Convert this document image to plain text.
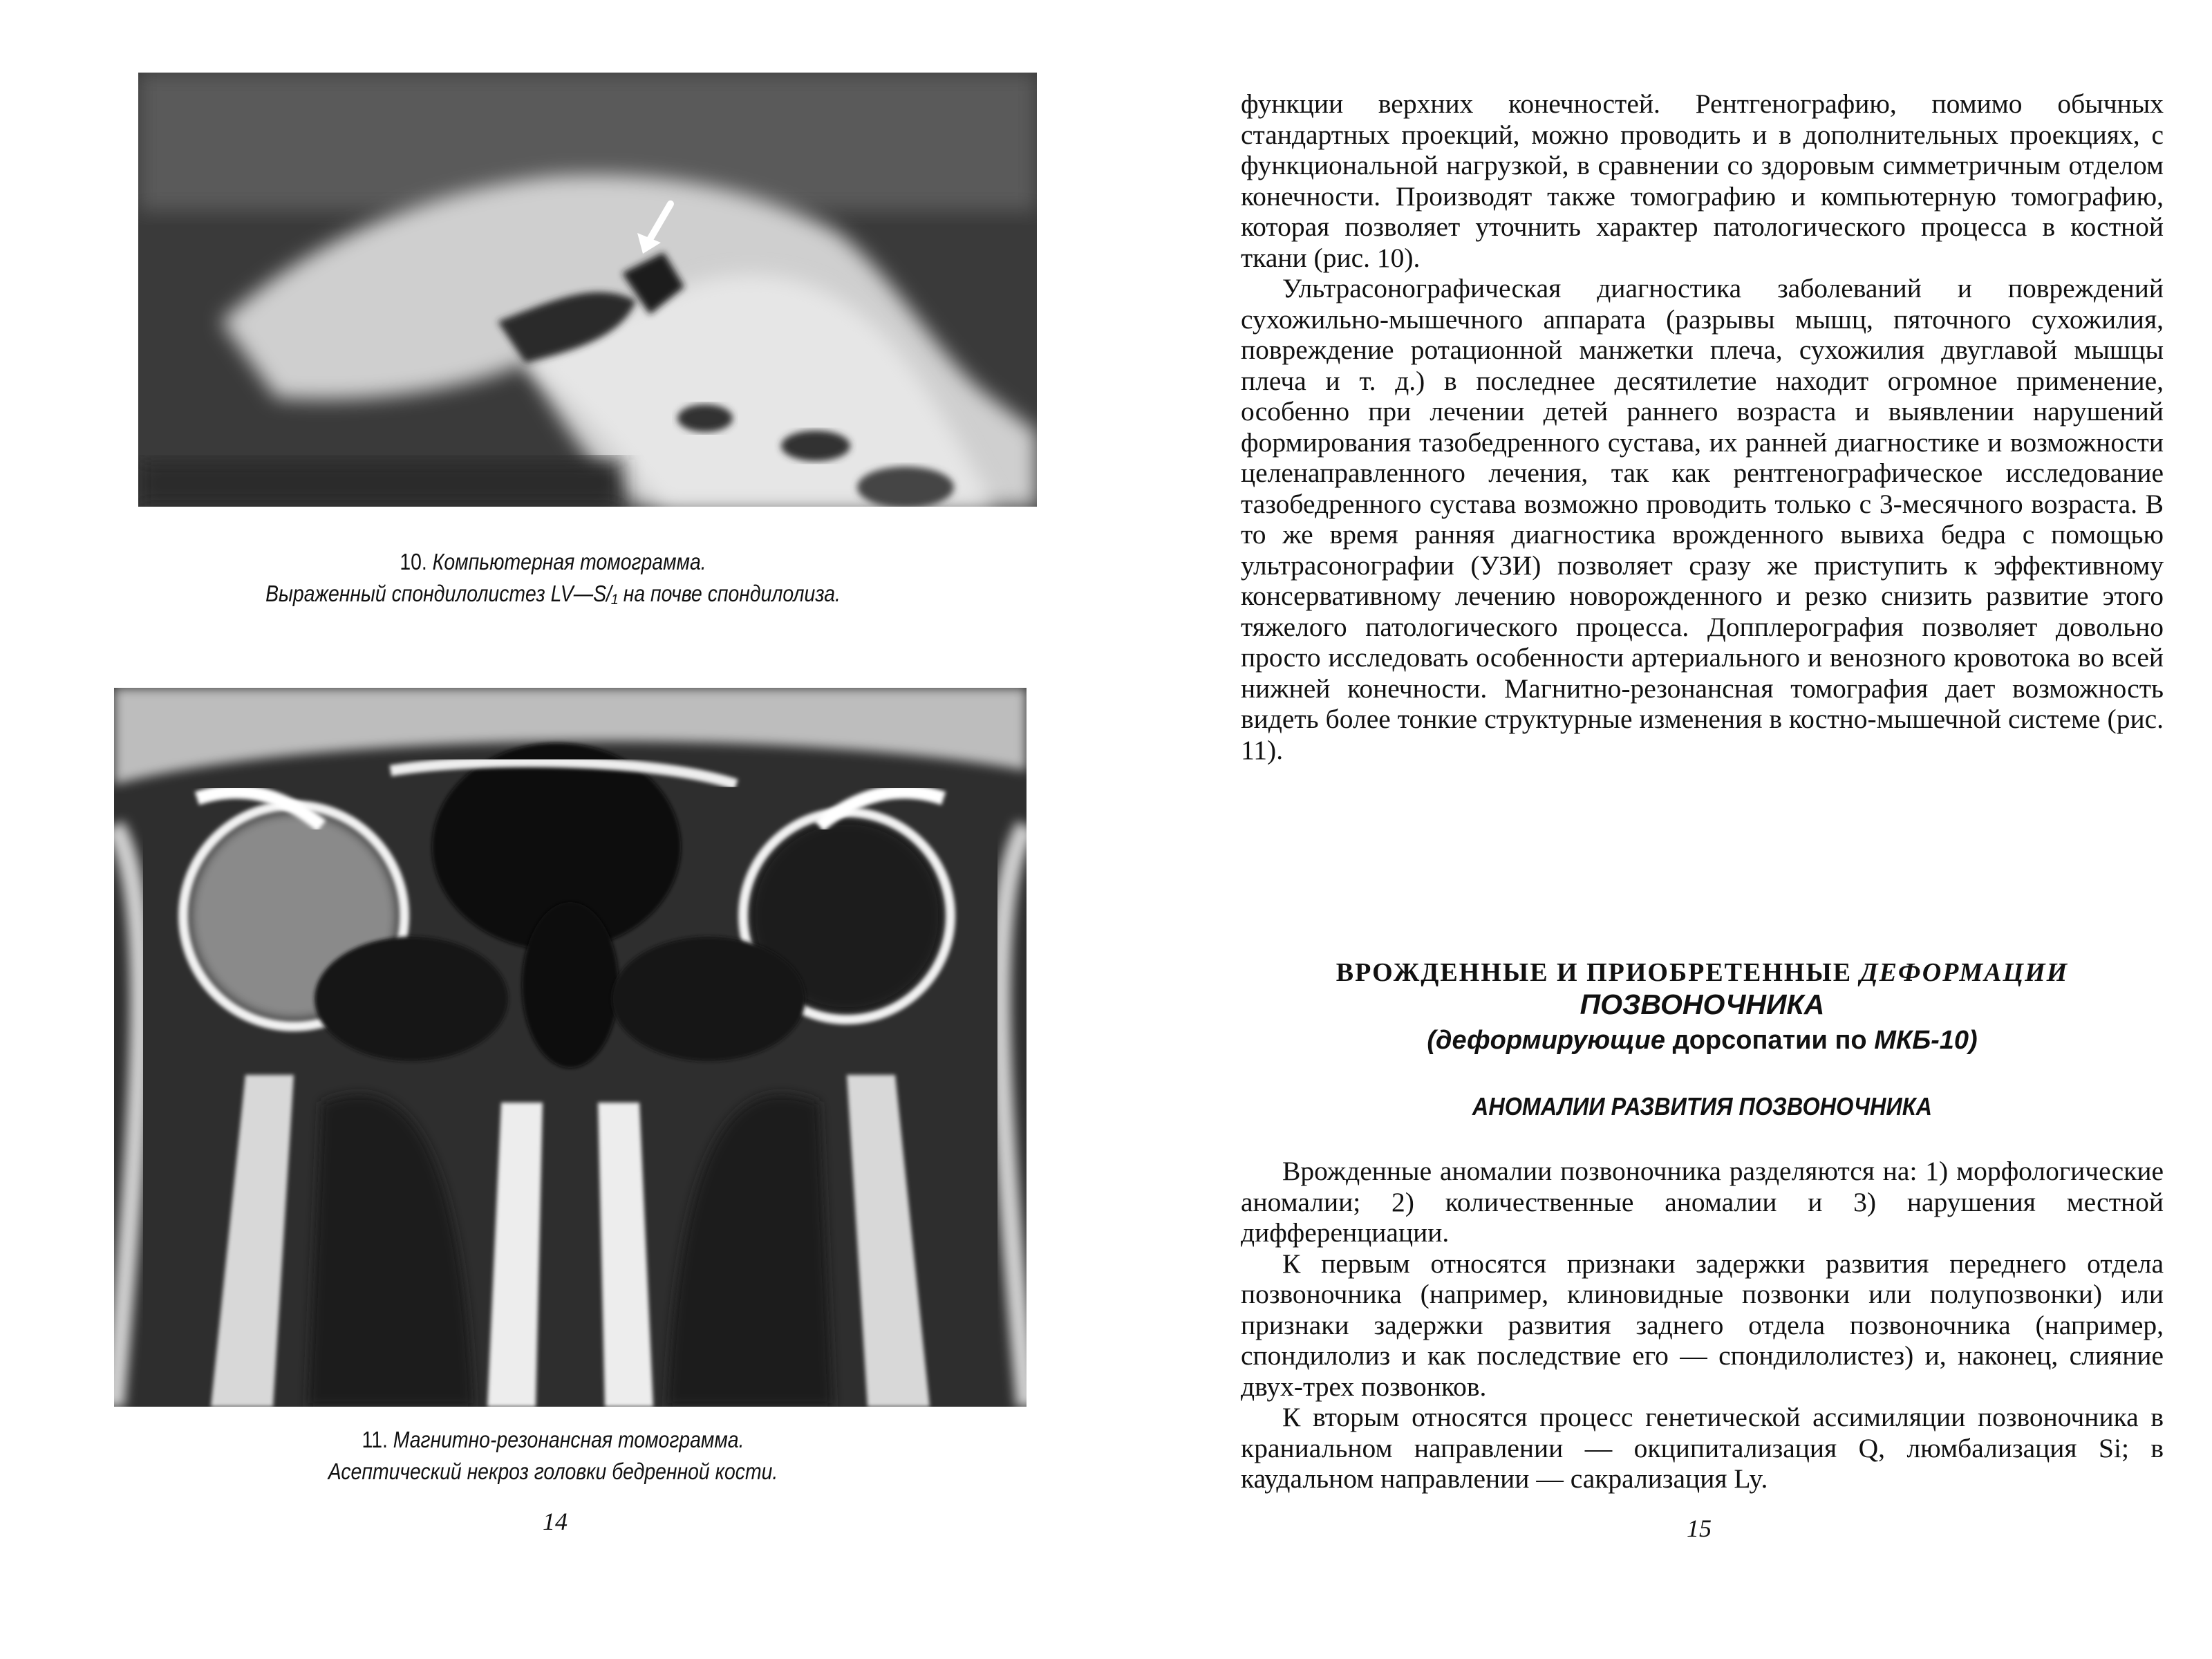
10. Компьютерная томограмма.
Выраженный спондилолистез LV—S/₁ на почве спондилолиза.
11. Магнитно-резонансная томограмма.
Асептический некроз головки бедренной кости.
14

функции верхних конечностей. Рентгенографию, помимо обычных стандартных проекций, можно проводить и в дополнительных проекциях, с функциональной нагрузкой, в сравнении со здоровым симметричным отделом конечности. Производят также томографию и компьютерную томографию, которая позволяет уточнить характер патологического процесса в костной ткани (рис. 10).

Ультрасонографическая диагностика заболеваний и повреждений сухожильно-мышечного аппарата (разрывы мышц, пяточного сухожилия, повреждение ротационной манжетки плеча, сухожилия двуглавой мышцы плеча и т. д.) в последнее десятилетие находит огромное применение, особенно при лечении детей раннего возраста и выявлении нарушений формирования тазобедренного сустава, их ранней диагностике и возможности целенаправленного лечения, так как рентгенографическое исследование тазобедренного сустава возможно проводить только с 3-месячного возраста. В то же время ранняя диагностика врожденного вывиха бедра с помощью ультрасонографии (УЗИ) позволяет сразу же приступить к эффективному консервативному лечению новорожденного и резко снизить развитие этого тяжелого патологического процесса. Допплерография позволяет довольно просто исследовать особенности артериального и венозного кровотока во всей нижней конечности. Магнитно-резонансная томография дает возможность видеть более тонкие структурные изменения в костно-мышечной системе (рис. 11).

ВРОЖДЕННЫЕ И ПРИОБРЕТЕННЫЕ ДЕФОРМАЦИИ
ПОЗВОНОЧНИКА
(деформирующие дорсопатии по МКБ-10)
АНОМАЛИИ РАЗВИТИЯ ПОЗВОНОЧНИКА

Врожденные аномалии позвоночника разделяются на: 1) морфологические аномалии; 2) количественные аномалии и 3) нарушения местной дифференциации.

К первым относятся признаки задержки развития переднего отдела позвоночника (например, клиновидные позвонки или полупозвонки) или признаки задержки развития заднего отдела позвоночника (например, спондилолиз и как последствие его — спондилолистез) и, наконец, слияние двух-трех позвонков.

К вторым относятся процесс генетической ассимиляции позвоночника в краниальном направлении — окципитализация Q, люмбализация Si; в каудальном направлении — сакрализация Ly.

15
